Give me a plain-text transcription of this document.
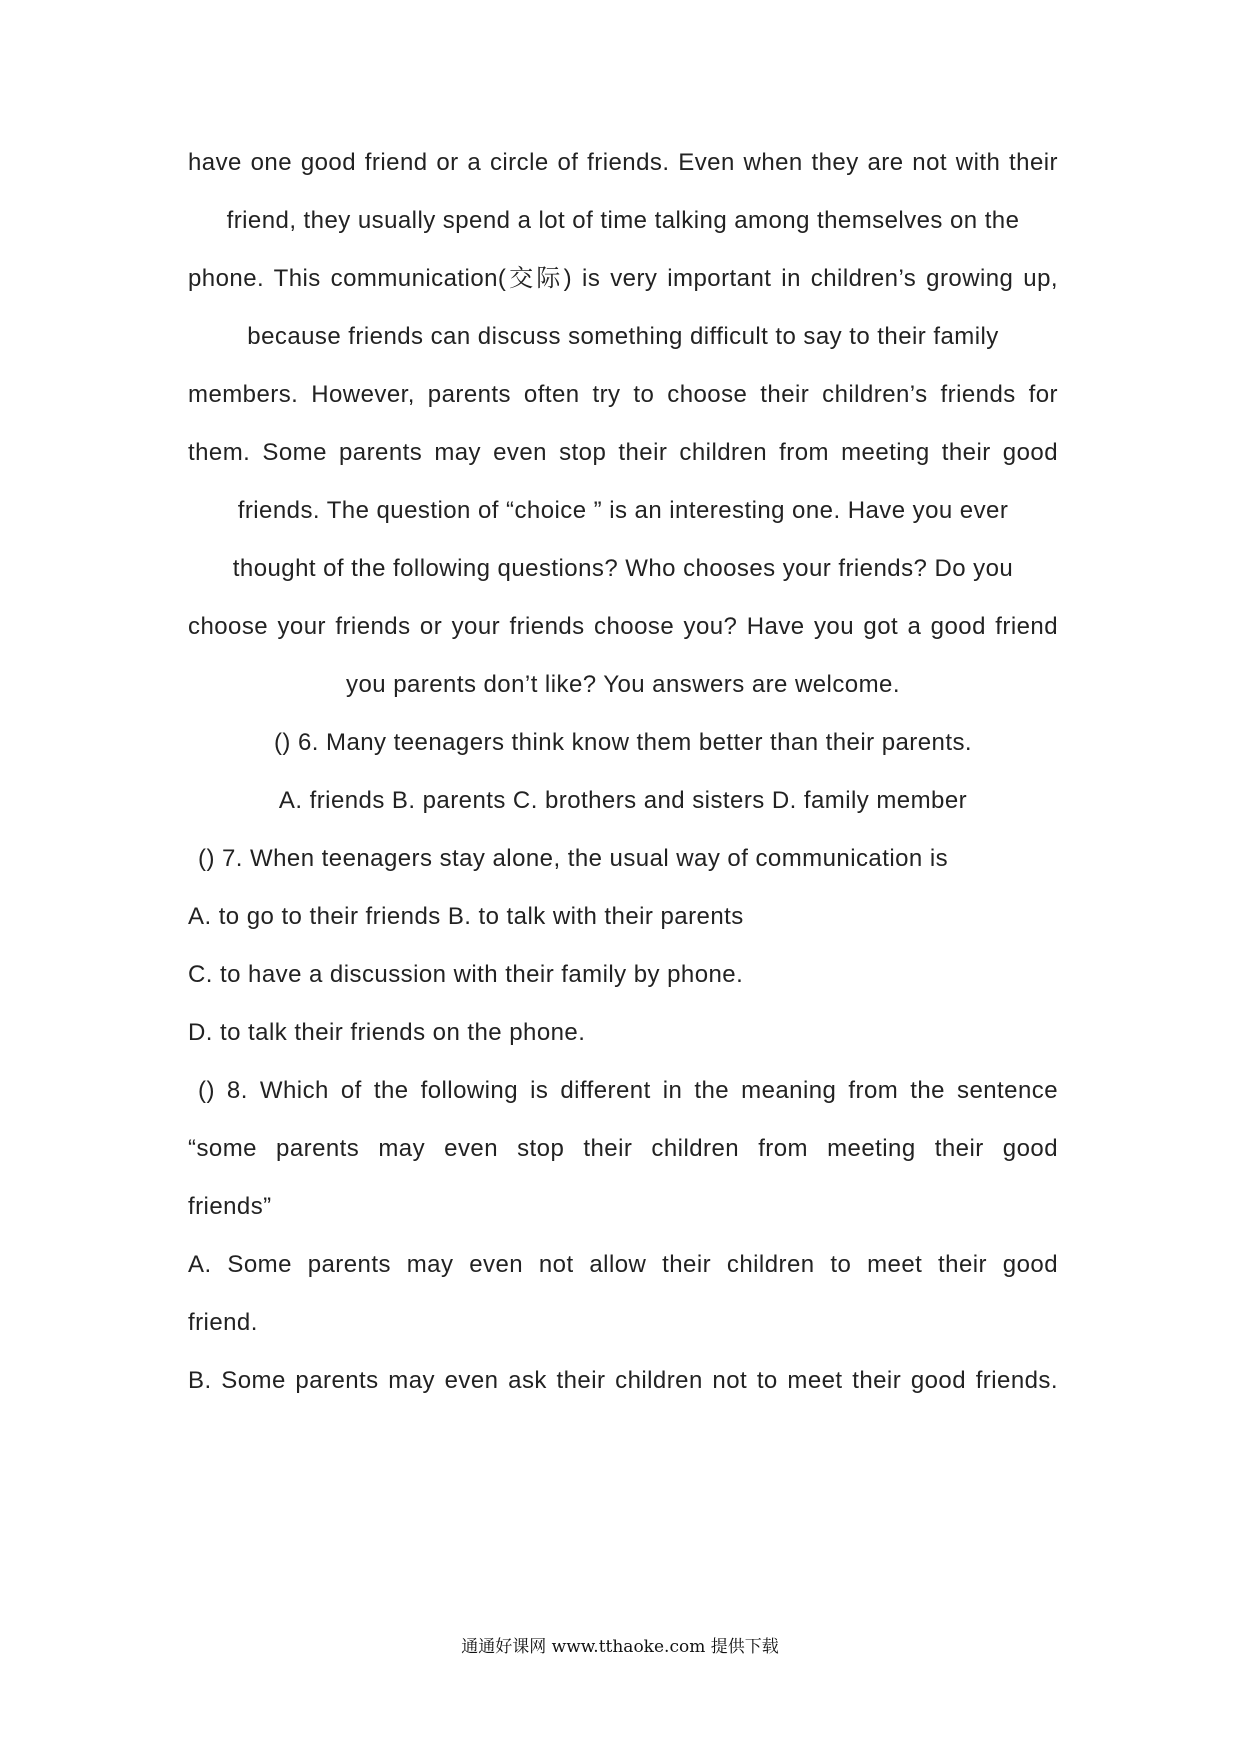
have one good friend or a circle of friends. Even when they are not with their
friend, they usually spend a lot of time talking among themselves on the
phone. This communication(交际) is very important in children’s growing up,
because friends can discuss something difficult to say to their family
members. However, parents often try to choose their children’s friends for
them. Some parents may even stop their children from meeting their good
friends. The question of “choice ” is an interesting one. Have you ever
thought of the following questions? Who chooses your friends? Do you
choose your friends or your friends choose you? Have you got a good friend
you parents don’t like? You answers are welcome.
() 6. Many teenagers think know them better than their parents.
A. friends B. parents C. brothers and sisters D. family member
() 7. When teenagers stay alone, the usual way of communication is
A. to go to their friends B. to talk with their parents
C. to have a discussion with their family by phone.
D. to talk their friends on the phone.
() 8. Which of the following is different in the meaning from the sentence
“some parents may even stop their children from meeting their good
friends”
A. Some parents may even not allow their children to meet their good
friend.
B. Some parents may even ask their children not to meet their good friends.
通通好课网 www.tthaoke.com 提供下载
